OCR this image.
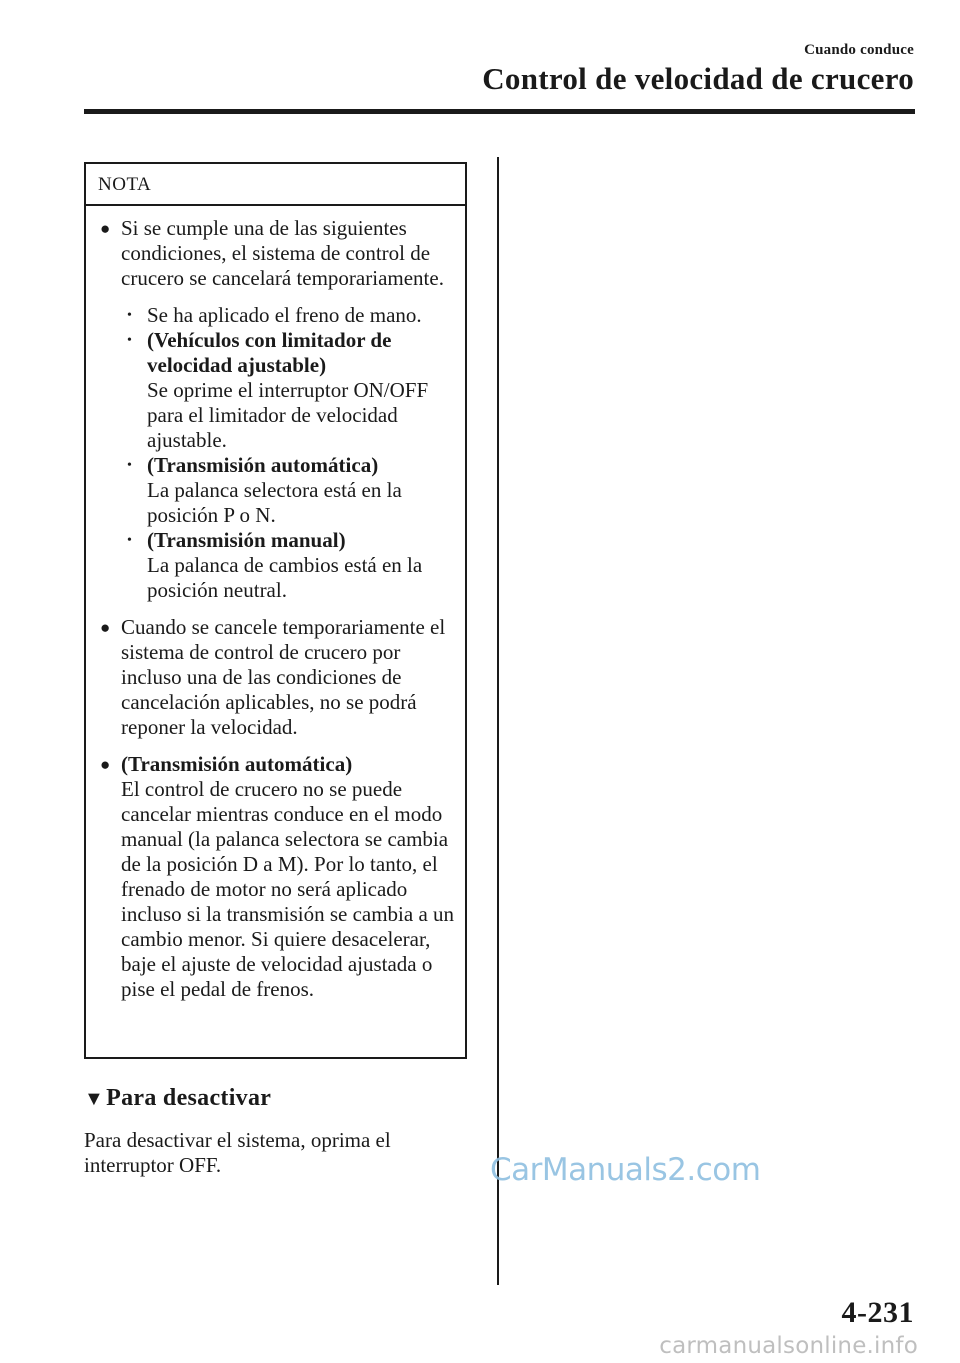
Cuando conduce
Control de velocidad de crucero
NOTA
● Si se cumple una de las siguientes condiciones, el sistema de control de crucero se cancelará temporariamente.
• Se ha aplicado el freno de mano.
• (Vehículos con limitador de velocidad ajustable)
Se oprime el interruptor ON/OFF para el limitador de velocidad ajustable.
• (Transmisión automática)
La palanca selectora está en la posición P o N.
• (Transmisión manual)
La palanca de cambios está en la posición neutral.
● Cuando se cancele temporariamente el sistema de control de crucero por incluso una de las condiciones de cancelación aplicables, no se podrá reponer la velocidad.
● (Transmisión automática)
El control de crucero no se puede cancelar mientras conduce en el modo manual (la palanca selectora se cambia de la posición D a M). Por lo tanto, el frenado de motor no será aplicado incluso si la transmisión se cambia a un cambio menor. Si quiere desacelerar, baje el ajuste de velocidad ajustada o pise el pedal de frenos.
▼Para desactivar
Para desactivar el sistema, oprima el interruptor OFF.	CarManuals2.com
4-231
carmanualsonline.info
